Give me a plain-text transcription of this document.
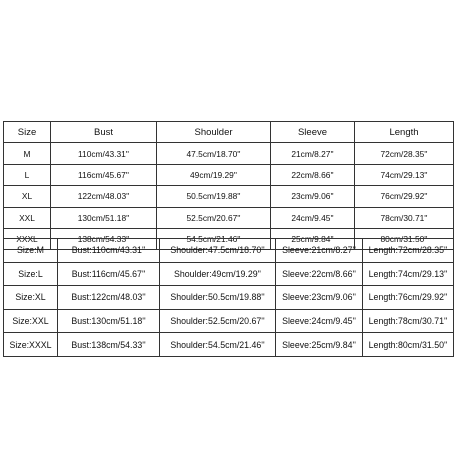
Size	Bust	Shoulder	Sleeve	Length
M	110cm/43.31''	47.5cm/18.70''	21cm/8.27''	72cm/28.35''
L	116cm/45.67''	49cm/19.29''	22cm/8.66''	74cm/29.13''
XL	122cm/48.03''	50.5cm/19.88''	23cm/9.06''	76cm/29.92''
XXL	130cm/51.18''	52.5cm/20.67''	24cm/9.45''	78cm/30.71''
XXXL	138cm/54.33''	54.5cm/21.46''	25cm/9.84''	80cm/31.50''
Size:M	Bust:110cm/43.31''	Shoulder:47.5cm/18.70''	Sleeve:21cm/8.27''	Length:72cm/28.35''
Size:L	Bust:116cm/45.67''	Shoulder:49cm/19.29''	Sleeve:22cm/8.66''	Length:74cm/29.13''
Size:XL	Bust:122cm/48.03''	Shoulder:50.5cm/19.88''	Sleeve:23cm/9.06''	Length:76cm/29.92''
Size:XXL	Bust:130cm/51.18''	Shoulder:52.5cm/20.67''	Sleeve:24cm/9.45''	Length:78cm/30.71''
Size:XXXL	Bust:138cm/54.33''	Shoulder:54.5cm/21.46''	Sleeve:25cm/9.84''	Length:80cm/31.50''
